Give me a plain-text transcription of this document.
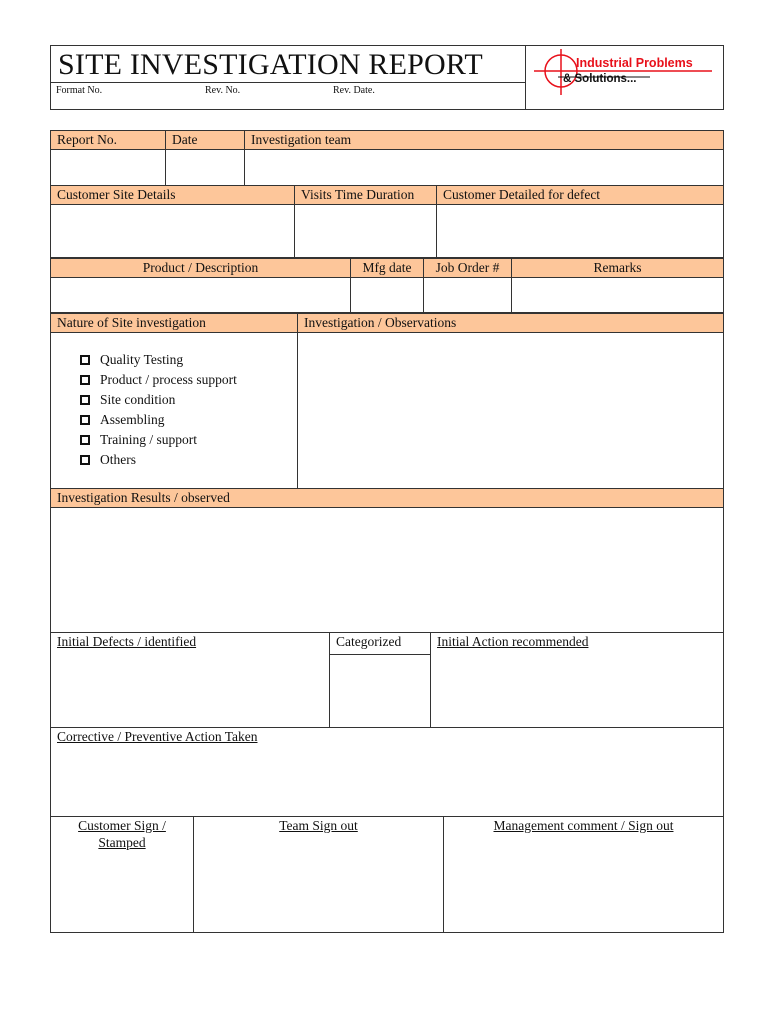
SITE INVESTIGATION REPORT
Format No.	Rev. No.	Rev. Date.
Industrial Problems
& Solutions...
Report No.	Date	Investigation team
Customer Site Details	Visits Time Duration	Customer Detailed for defect
Product / Description	Mfg date	Job Order #	Remarks
Nature of Site investigation	Investigation / Observations
Quality Testing
Product / process support
Site condition
Assembling
Training / support
Others
Investigation Results / observed
Initial Defects / identified	Categorized	Initial Action recommended
Corrective / Preventive Action Taken
Customer Sign /
Stamped
Team Sign out	Management comment / Sign out
